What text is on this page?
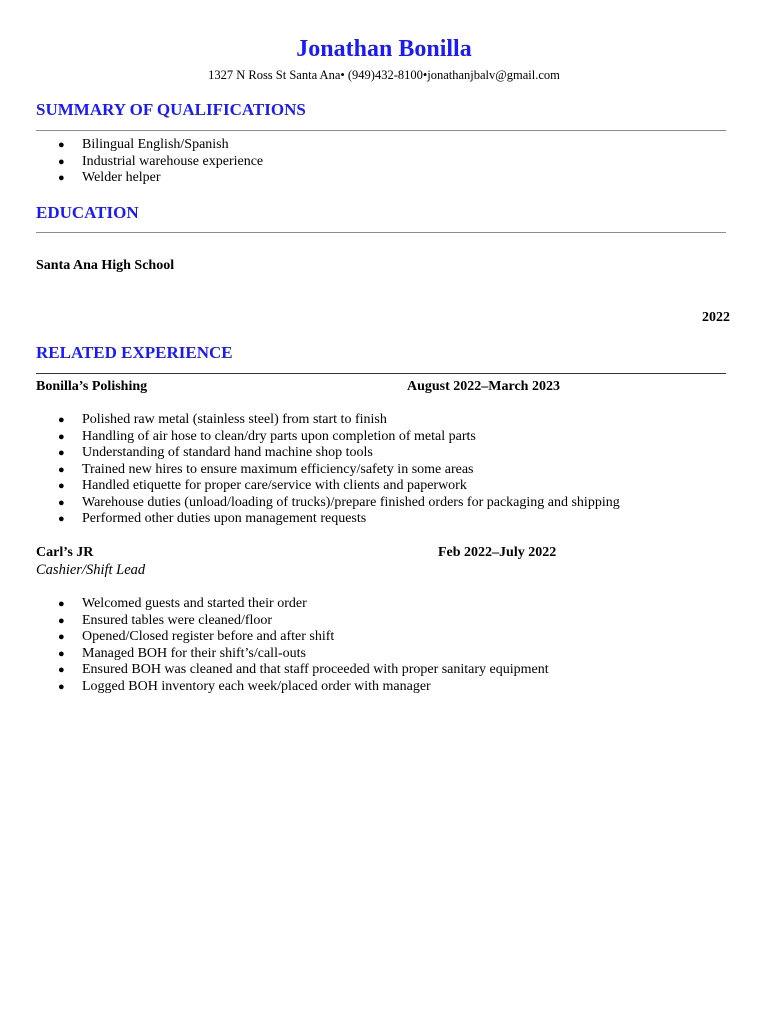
Jonathan Bonilla
1327 N Ross St Santa Ana• (949)432-8100•jonathanjbalv@gmail.com
SUMMARY OF QUALIFICATIONS
● Bilingual English/Spanish
● Industrial warehouse experience
● Welder helper
EDUCATION
Santa Ana High School
2022
RELATED EXPERIENCE
Bonilla’s Polishing	August 2022–March 2023
● Polished raw metal (stainless steel) from start to finish
● Handling of air hose to clean/dry parts upon completion of metal parts
● Understanding of standard hand machine shop tools
● Trained new hires to ensure maximum efficiency/safety in some areas
● Handled etiquette for proper care/service with clients and paperwork
● Warehouse duties (unload/loading of trucks)/prepare finished orders for packaging and shipping
● Performed other duties upon management requests
Carl’s JR	Feb 2022–July 2022
Cashier/Shift Lead
● Welcomed guests and started their order
● Ensured tables were cleaned/floor
● Opened/Closed register before and after shift
● Managed BOH for their shift’s/call-outs
● Ensured BOH was cleaned and that staff proceeded with proper sanitary equipment
● Logged BOH inventory each week/placed order with manager
